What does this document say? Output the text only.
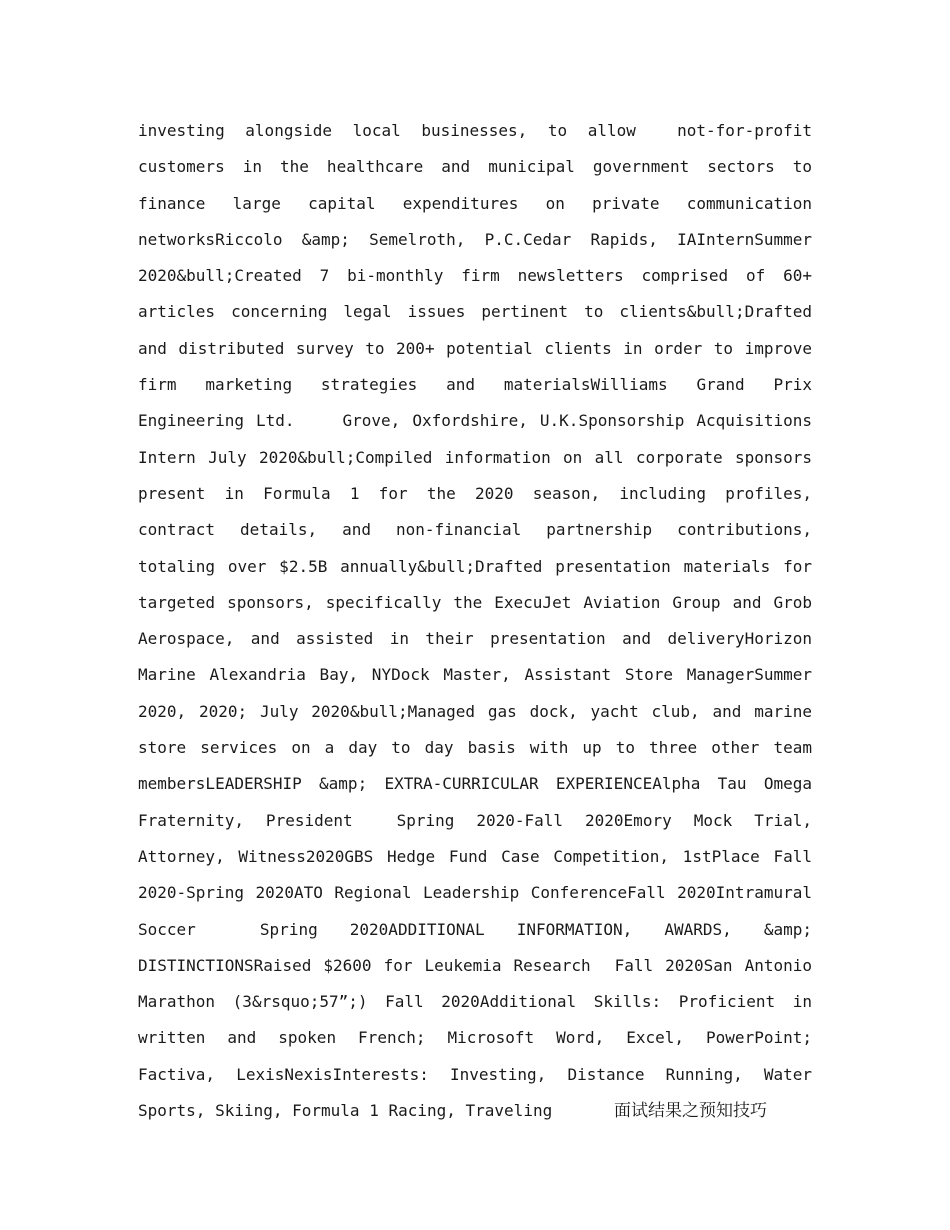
investing alongside local businesses, to allow  not-for-profit customers in the healthcare and municipal government sectors to finance large capital expenditures on private communication networksRiccolo &amp; Semelroth, P.C.Cedar Rapids, IAInternSummer 2020&bull;Created 7 bi-monthly firm newsletters comprised of 60+ articles concerning legal issues pertinent to clients&bull;Drafted and distributed survey to 200+ potential clients in order to improve firm marketing strategies and materialsWilliams Grand Prix Engineering Ltd.    Grove, Oxfordshire, U.K.Sponsorship Acquisitions Intern July 2020&bull;Compiled information on all corporate sponsors present in Formula 1 for the 2020 season, including profiles, contract details, and non-financial partnership contributions, totaling over $2.5B annually&bull;Drafted presentation materials for targeted sponsors, specifically the ExecuJet Aviation Group and Grob Aerospace, and assisted in their presentation and deliveryHorizon Marine Alexandria Bay, NYDock Master, Assistant Store ManagerSummer 2020, 2020; July 2020&bull;Managed gas dock, yacht club, and marine store services on a day to day basis with up to three other team membersLEADERSHIP &amp; EXTRA-CURRICULAR EXPERIENCEAlpha Tau Omega Fraternity, President  Spring 2020-Fall 2020Emory Mock Trial, Attorney, Witness2020GBS Hedge Fund Case Competition, 1stPlace Fall 2020-Spring 2020ATO Regional Leadership ConferenceFall 2020Intramural Soccer  Spring 2020ADDITIONAL INFORMATION, AWARDS, &amp; DISTINCTIONSRaised $2600 for Leukemia Research  Fall 2020San Antonio Marathon (3&rsquo;57”;) Fall 2020Additional Skills: Proficient in written and spoken French; Microsoft Word, Excel, PowerPoint; Factiva, LexisNexisInterests: Investing, Distance Running, Water Sports, Skiing, Formula 1 Racing, Traveling	面试结果之预知技巧
